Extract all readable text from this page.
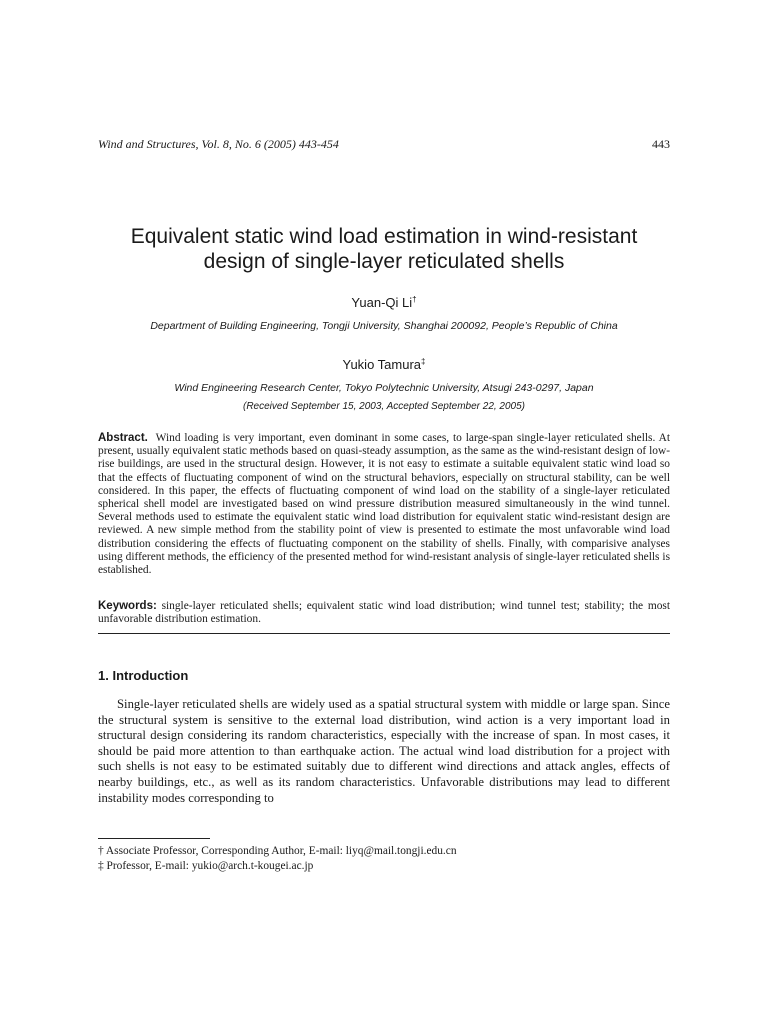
Wind and Structures, Vol. 8, No. 6 (2005) 443-454	443
Equivalent static wind load estimation in wind-resistant
design of single-layer reticulated shells
Yuan-Qi Li†
Department of Building Engineering, Tongji University, Shanghai 200092, People’s Republic of China
Yukio Tamura‡
Wind Engineering Research Center, Tokyo Polytechnic University, Atsugi 243-0297, Japan
(Received September 15, 2003, Accepted September 22, 2005)
Abstract. Wind loading is very important, even dominant in some cases, to large-span single-layer reticulated shells. At present, usually equivalent static methods based on quasi-steady assumption, as the same as the wind-resistant design of low-rise buildings, are used in the structural design. However, it is not easy to estimate a suitable equivalent static wind load so that the effects of fluctuating component of wind on the structural behaviors, especially on structural stability, can be well considered. In this paper, the effects of fluctuating component of wind load on the stability of a single-layer reticulated spherical shell model are investigated based on wind pressure distribution measured simultaneously in the wind tunnel. Several methods used to estimate the equivalent static wind load distribution for equivalent static wind-resistant design are reviewed. A new simple method from the stability point of view is presented to estimate the most unfavorable wind load distribution considering the effects of fluctuating component on the stability of shells. Finally, with comparisive analyses using different methods, the efficiency of the presented method for wind-resistant analysis of single-layer reticulated shells is established.
Keywords: single-layer reticulated shells; equivalent static wind load distribution; wind tunnel test; stability; the most unfavorable distribution estimation.
1. Introduction
Single-layer reticulated shells are widely used as a spatial structural system with middle or large span. Since the structural system is sensitive to the external load distribution, wind action is a very important load in structural design considering its random characteristics, especially with the increase of span. In most cases, it should be paid more attention to than earthquake action. The actual wind load distribution for a project with such shells is not easy to be estimated suitably due to different wind directions and attack angles, effects of nearby buildings, etc., as well as its random characteristics. Unfavorable distributions may lead to different instability modes corresponding to
† Associate Professor, Corresponding Author, E-mail: liyq@mail.tongji.edu.cn
‡ Professor, E-mail: yukio@arch.t-kougei.ac.jp
